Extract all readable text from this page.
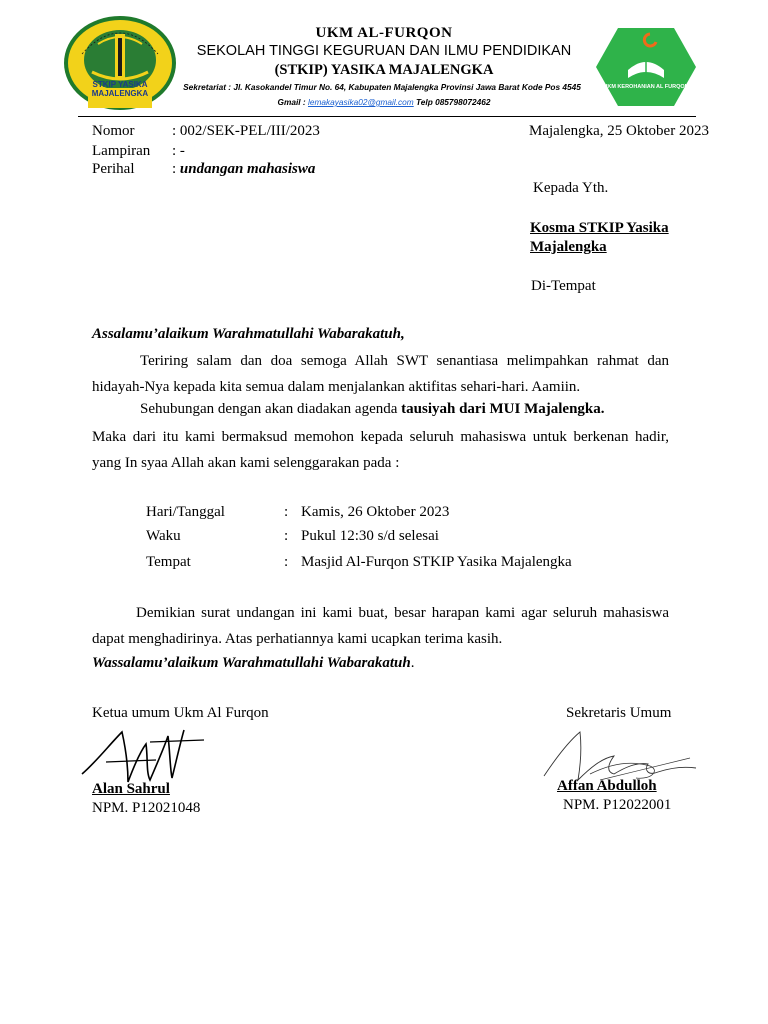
STKIP YASIKA
MAJALENGKA
UKM KEROHANIAN AL FURQON
UKM AL-FURQON
SEKOLAH TINGGI KEGURUAN DAN ILMU PENDIDIKAN
(STKIP) YASIKA MAJALENGKA
Sekretariat : Jl. Kasokandel Timur No. 64, Kabupaten Majalengka Provinsi Jawa Barat Kode Pos 4545
Gmail : lemakayasika02@gmail.com Telp 085798072462
Nomor	: 002/SEK-PEL/III/2023	Majalengka, 25 Oktober 2023
Lampiran : -
Perihal	: undangan mahasiswa
Kepada Yth.
Kosma STKIP Yasika
Majalengka
Di-Tempat
Assalamu’alaikum Warahmatullahi Wabarakatuh,
Teriring salam dan doa semoga Allah SWT senantiasa melimpahkan rahmat dan hidayah-Nya kepada kita semua dalam menjalankan aktifitas sehari-hari. Aamiin.
Sehubungan dengan akan diadakan agenda tausiyah dari MUI Majalengka.
Maka dari itu kami bermaksud memohon kepada seluruh mahasiswa untuk berkenan hadir, yang In syaa Allah akan kami selenggarakan pada :
Hari/Tanggal	: Kamis, 26 Oktober 2023
Waku	: Pukul 12:30 s/d selesai
Tempat	: Masjid Al-Furqon STKIP Yasika Majalengka
Demikian surat undangan ini kami buat, besar harapan kami agar seluruh mahasiswa dapat menghadirinya. Atas perhatiannya kami ucapkan terima kasih.
Wassalamu’alaikum Warahmatullahi Wabarakatuh.
Ketua umum Ukm Al Furqon	Sekretaris Umum
Alan Sahrul
NPM. P12021048
Affan Abdulloh
NPM. P12022001
